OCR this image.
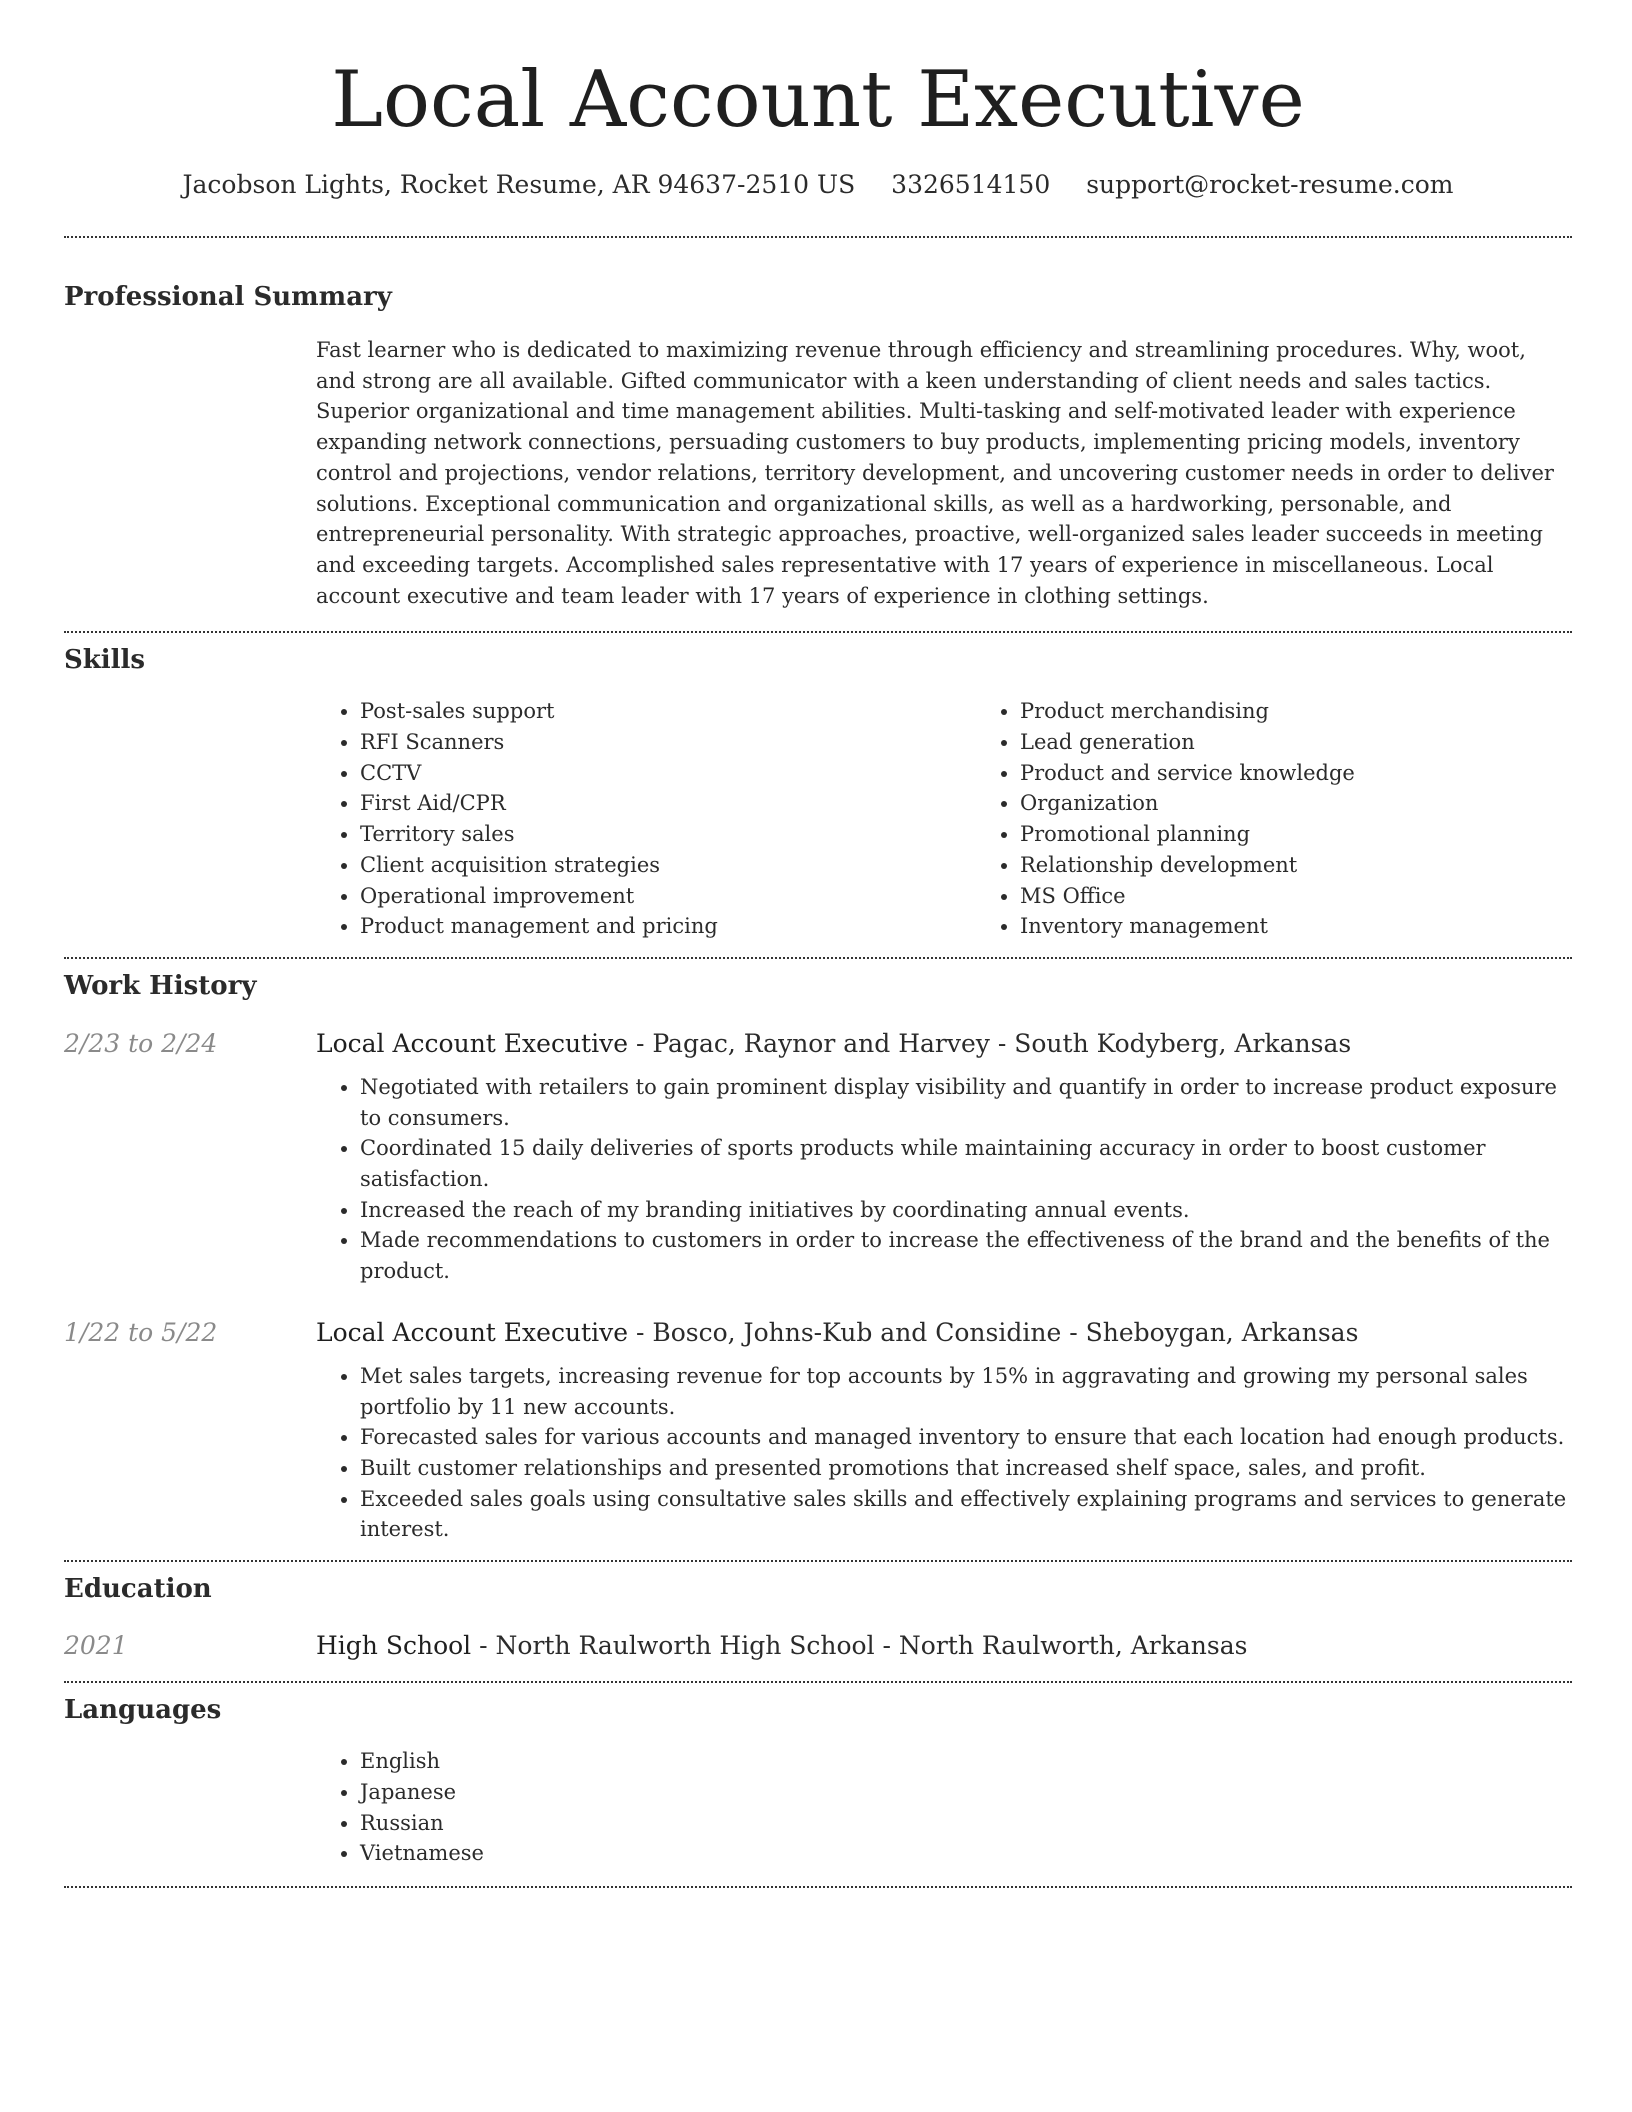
Local Account Executive
Jacobson Lights, Rocket Resume, AR 94637-2510 US 3326514150 support@rocket-resume.com
Professional Summary

Fast learner who is dedicated to maximizing revenue through efficiency and streamlining procedures. Why, woot, and strong are all available. Gifted communicator with a keen understanding of client needs and sales tactics. Superior organizational and time management abilities. Multi-tasking and self-motivated leader with experience expanding network connections, persuading customers to buy products, implementing pricing models, inventory control and projections, vendor relations, territory development, and uncovering customer needs in order to deliver solutions. Exceptional communication and organizational skills, as well as a hardworking, personable, and entrepreneurial personality. With strategic approaches, proactive, well-organized sales leader succeeds in meeting and exceeding targets. Accomplished sales representative with 17 years of experience in miscellaneous. Local account executive and team leader with 17 years of experience in clothing settings.

Skills
• Post-sales support
• RFI Scanners
• CCTV
• First Aid/CPR
• Territory sales
• Client acquisition strategies
• Operational improvement
• Product management and pricing
• Product merchandising
• Lead generation
• Product and service knowledge
• Organization
• Promotional planning
• Relationship development
• MS Office
• Inventory management
Work History
2/23 to 2/24	Local Account Executive - Pagac, Raynor and Harvey - South Kodyberg, Arkansas
• Negotiated with retailers to gain prominent display visibility and quantify in order to increase product exposure to consumers.
• Coordinated 15 daily deliveries of sports products while maintaining accuracy in order to boost customer satisfaction.
• Increased the reach of my branding initiatives by coordinating annual events.
• Made recommendations to customers in order to increase the effectiveness of the brand and the benefits of the product.
1/22 to 5/22	Local Account Executive - Bosco, Johns-Kub and Considine - Sheboygan, Arkansas
• Met sales targets, increasing revenue for top accounts by 15% in aggravating and growing my personal sales portfolio by 11 new accounts.
• Forecasted sales for various accounts and managed inventory to ensure that each location had enough products.
• Built customer relationships and presented promotions that increased shelf space, sales, and profit.
• Exceeded sales goals using consultative sales skills and effectively explaining programs and services to generate interest.
Education
2021	High School - North Raulworth High School - North Raulworth, Arkansas
Languages
• English
• Japanese
• Russian
• Vietnamese
